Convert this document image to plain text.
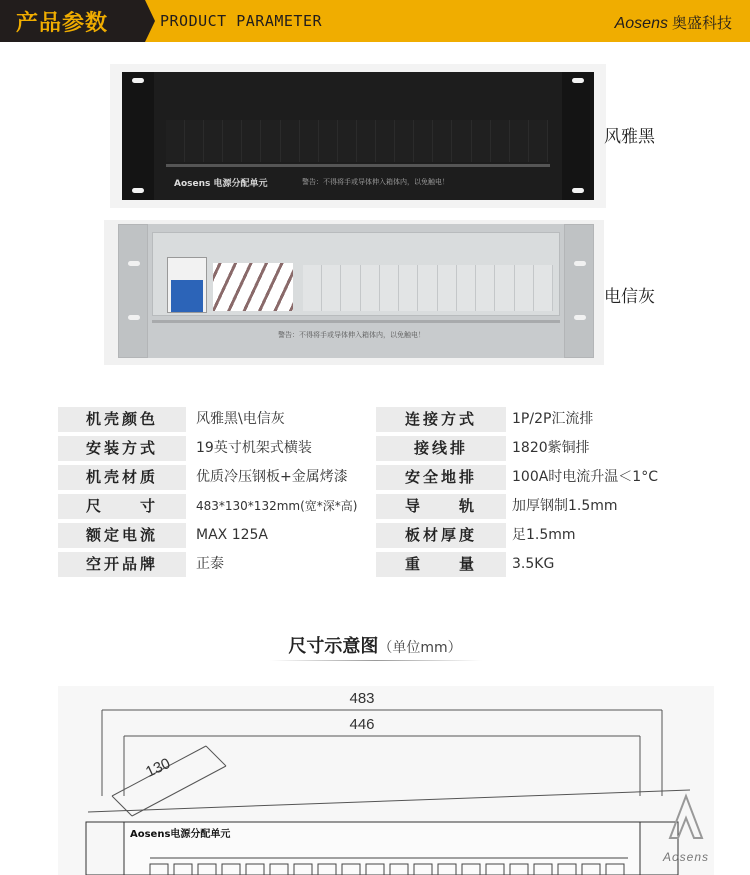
产品参数	PRODUCT PARAMETER	Aosens 奥盛科技
Aosens 电源分配单元	警告：不得将手或导体伸入箱体内，以免触电！
风雅黑
警告：不得将手或导体伸入箱体内，以免触电！
电信灰
机壳颜色	风雅黑\电信灰	连接方式	1P/2P汇流排
安装方式	19英寸机架式横装	接线排	1820紫铜排
机壳材质	优质冷压钢板+金属烤漆	安全地排	100A时电流升温＜1°C
尺　　寸	483*130*132mm(宽*深*高)	导　　轨	加厚钢制1.5mm
额定电流	MAX 125A	板材厚度	足1.5mm
空开品牌	正泰	重　　量	3.5KG
尺寸示意图（单位mm）
483
446
130
Aosens电源分配单元
Aosens
